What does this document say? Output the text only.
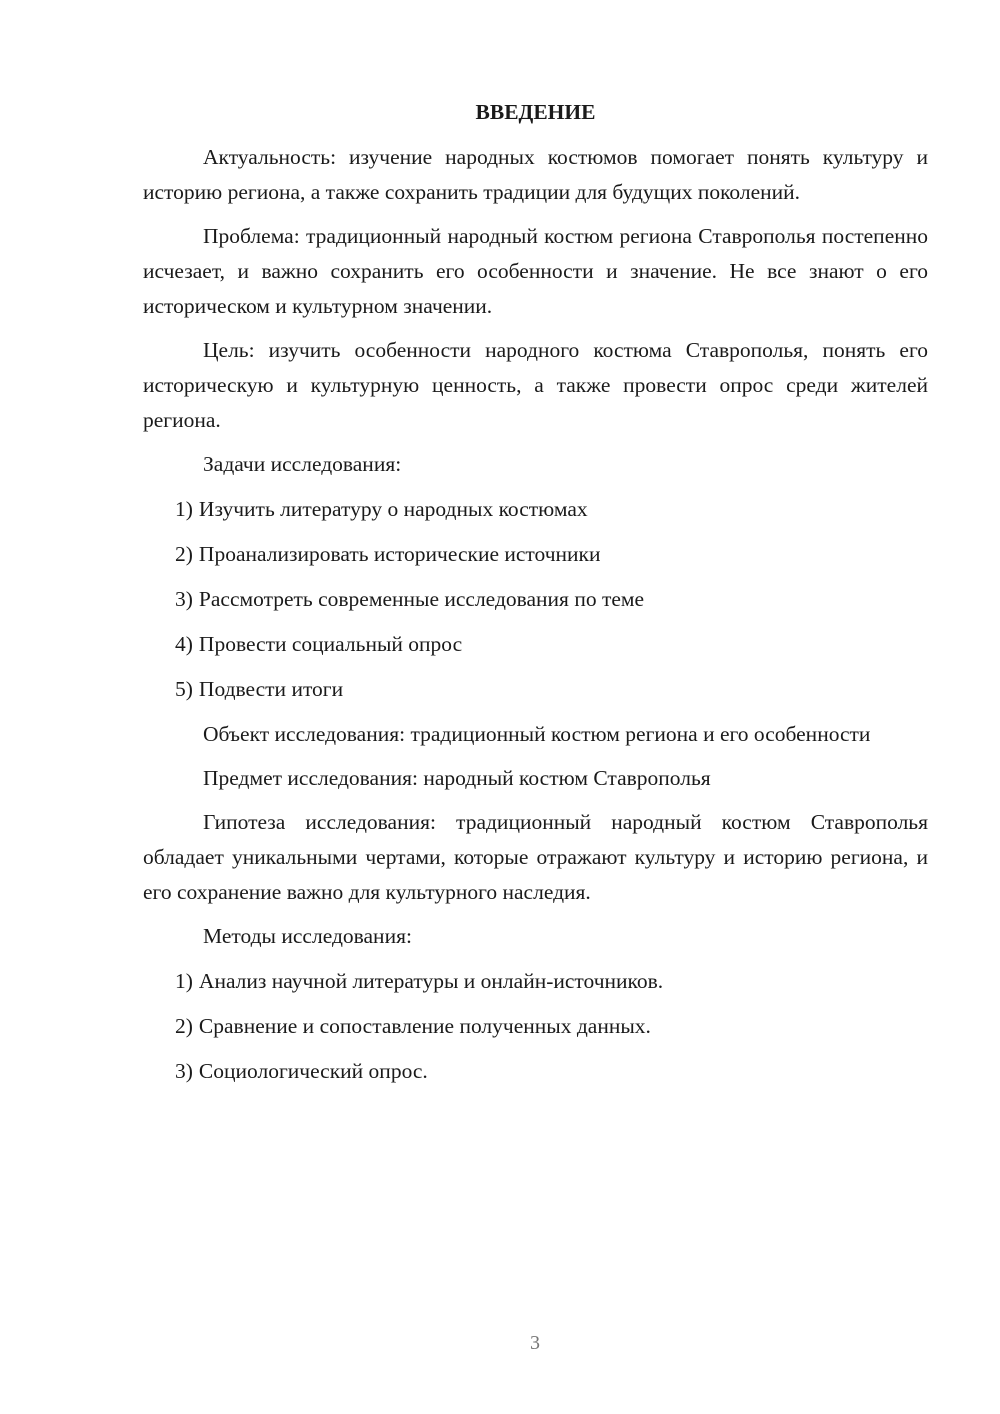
ВВЕДЕНИЕ
Актуальность: изучение народных костюмов помогает понять культуру и историю региона, а также сохранить традиции для будущих поколений.
Проблема: традиционный народный костюм региона Ставрополья постепенно исчезает, и важно сохранить его особенности и значение. Не все знают о его историческом и культурном значении.
Цель: изучить особенности народного костюма Ставрополья, понять его историческую и культурную ценность, а также провести опрос среди жителей региона.
Задачи исследования:
1) Изучить литературу о народных костюмах
2) Проанализировать исторические источники
3) Рассмотреть современные исследования по теме
4) Провести социальный опрос
5) Подвести итоги
Объект исследования: традиционный костюм региона и его особенности
Предмет исследования: народный костюм Ставрополья
Гипотеза исследования: традиционный народный костюм Ставрополья обладает уникальными чертами, которые отражают культуру и историю региона, и его сохранение важно для культурного наследия.
Методы исследования:
1) Анализ научной литературы и онлайн-источников.
2) Сравнение и сопоставление полученных данных.
3) Социологический опрос.
3
